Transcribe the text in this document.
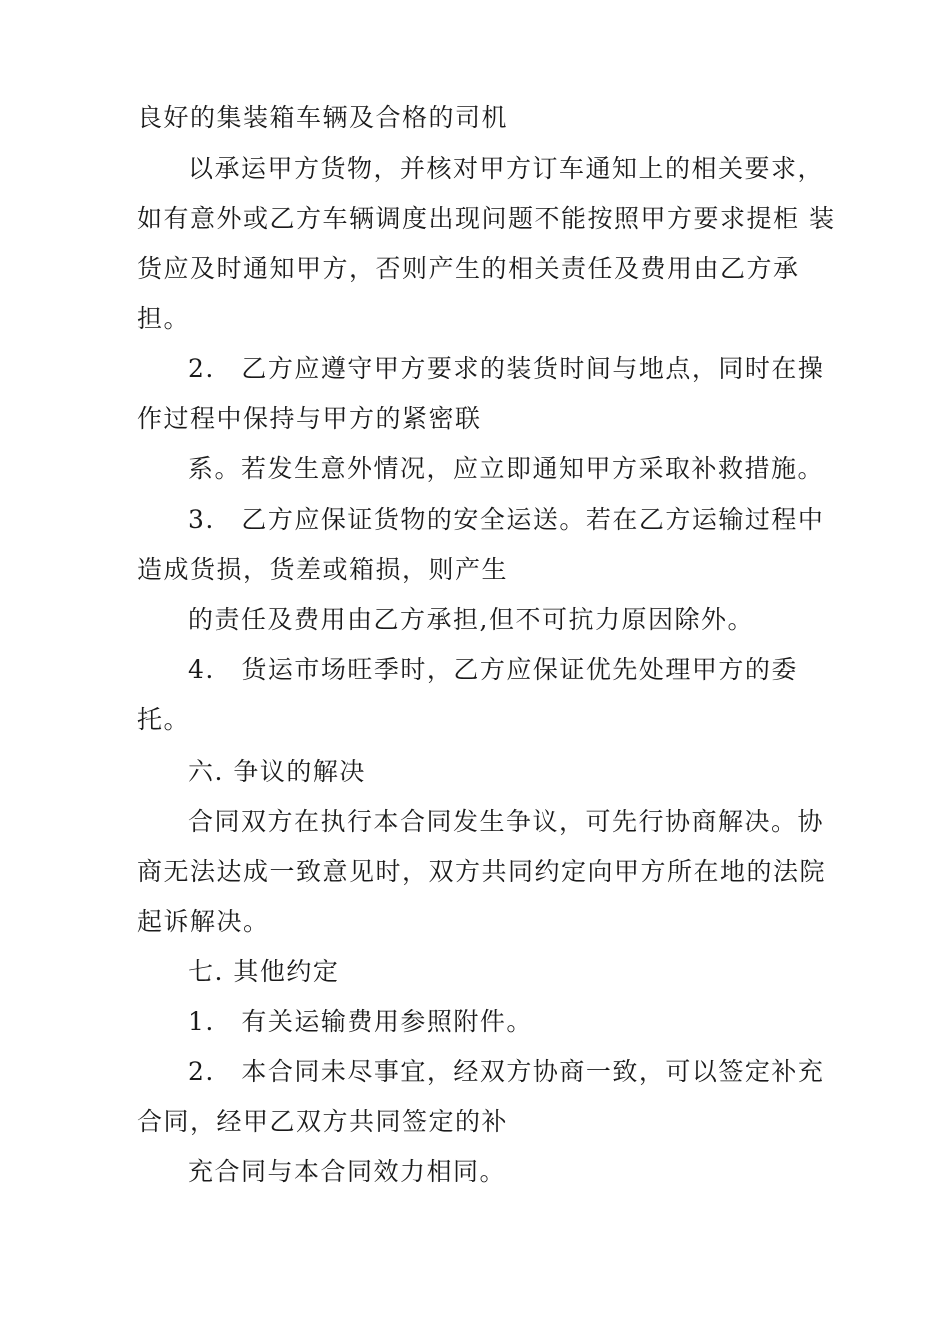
良好的集装箱车辆及合格的司机
以承运甲方货物，并核对甲方订车通知上的相关要求，
如有意外或乙方车辆调度出现问题不能按照甲方要求提柜 装
货应及时通知甲方，否则产生的相关责任及费用由乙方承
担。
2.　乙方应遵守甲方要求的装货时间与地点，同时在操
作过程中保持与甲方的紧密联
系。若发生意外情况，应立即通知甲方采取补救措施。
3.　乙方应保证货物的安全运送。若在乙方运输过程中
造成货损，货差或箱损，则产生
的责任及费用由乙方承担,但不可抗力原因除外。
4.　货运市场旺季时，乙方应保证优先处理甲方的委
托。
六. 争议的解决
合同双方在执行本合同发生争议，可先行协商解决。协
商无法达成一致意见时，双方共同约定向甲方所在地的法院
起诉解决。
七. 其他约定
1.　有关运输费用参照附件。
2.　本合同未尽事宜，经双方协商一致，可以签定补充
合同，经甲乙双方共同签定的补
充合同与本合同效力相同。
